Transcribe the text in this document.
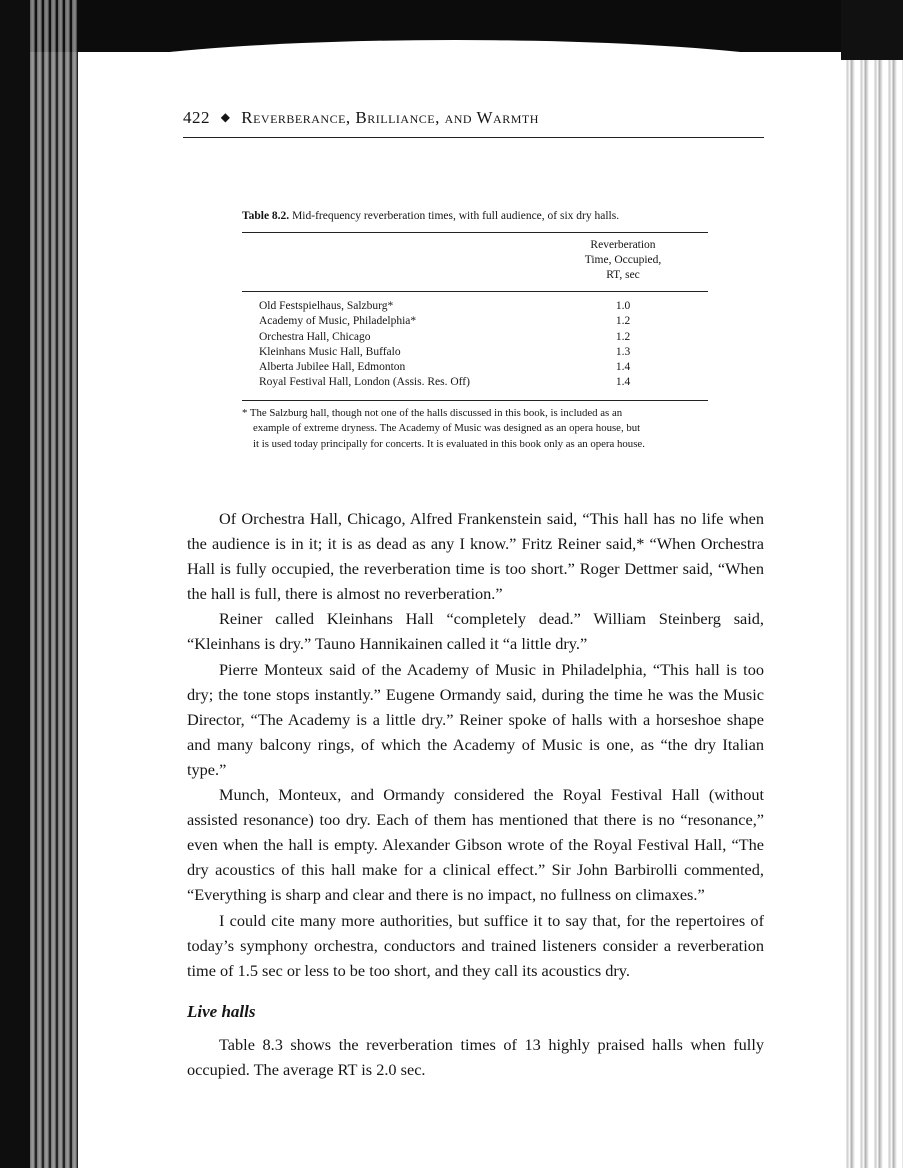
422 ◆ Reverberance, Brilliance, and Warmth
Table 8.2. Mid-frequency reverberation times, with full audience, of six dry halls.
Reverberation
Time, Occupied,
RT, sec
Old Festspielhaus, Salzburg*	1.0
Academy of Music, Philadelphia*	1.2
Orchestra Hall, Chicago	1.2
Kleinhans Music Hall, Buffalo	1.3
Alberta Jubilee Hall, Edmonton	1.4
Royal Festival Hall, London (Assis. Res. Off)	1.4

* The Salzburg hall, though not one of the halls discussed in this book, is included as an

example of extreme dryness. The Academy of Music was designed as an opera house, but

it is used today principally for concerts. It is evaluated in this book only as an opera house.

Of Orchestra Hall, Chicago, Alfred Frankenstein said, “This hall has no life when the audience is in it; it is as dead as any I know.” Fritz Reiner said,* “When Orchestra Hall is fully occupied, the reverberation time is too short.” Roger Dettmer said, “When the hall is full, there is almost no reverberation.”

Reiner called Kleinhans Hall “completely dead.” William Steinberg said, “Kleinhans is dry.” Tauno Hannikainen called it “a little dry.”

Pierre Monteux said of the Academy of Music in Philadelphia, “This hall is too dry; the tone stops instantly.” Eugene Ormandy said, during the time he was the Music Director, “The Academy is a little dry.” Reiner spoke of halls with a horseshoe shape and many balcony rings, of which the Academy of Music is one, as “the dry Italian type.”

Munch, Monteux, and Ormandy considered the Royal Festival Hall (without assisted resonance) too dry. Each of them has mentioned that there is no “resonance,” even when the hall is empty. Alexander Gibson wrote of the Royal Festival Hall, “The dry acoustics of this hall make for a clinical effect.” Sir John Barbirolli commented, “Everything is sharp and clear and there is no impact, no fullness on climaxes.”

I could cite many more authorities, but suffice it to say that, for the repertoires of today’s symphony orchestra, conductors and trained listeners consider a reverberation time of 1.5 sec or less to be too short, and they call its acoustics dry.

Live halls

Table 8.3 shows the reverberation times of 13 highly praised halls when fully occupied. The average RT is 2.0 sec.
